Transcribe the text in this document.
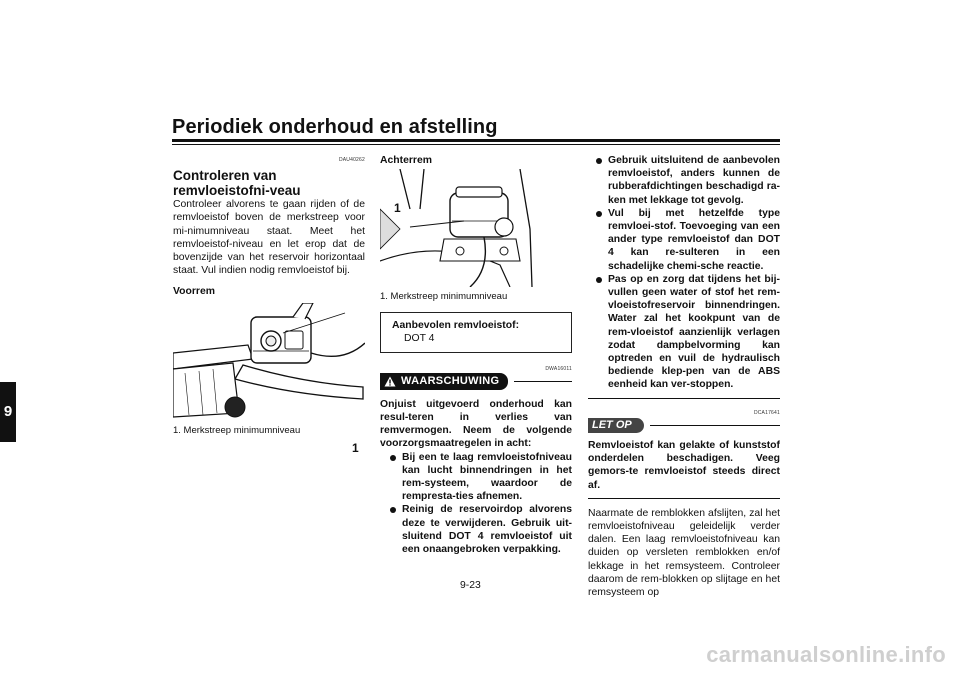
Periodiek onderhoud en afstelling
9
DAU40262
Controleren van remvloeistofni-veau

Controleer alvorens te gaan rijden of de remvloeistof boven de merkstreep voor mi-nimumniveau staat. Meet het remvloeistof-niveau en let erop dat de bovenzijde van het reservoir horizontaal staat. Vul indien nodig remvloeistof bij.

Voorrem
1
1. Merkstreep minimumniveau
Achterrem
1
1. Merkstreep minimumniveau
Aanbevolen remvloeistof:
DOT 4
DWA16011
WAARSCHUWING

Onjuist uitgevoerd onderhoud kan resul-teren in verlies van remvermogen. Neem de volgende voorzorgsmaatregelen in acht:

Bij een te laag remvloeistofniveau kan lucht binnendringen in het rem-systeem, waardoor de rempresta-ties afnemen.
Reinig de reservoirdop alvorens deze te verwijderen. Gebruik uit-sluitend DOT 4 remvloeistof uit een onaangebroken verpakking.
Gebruik uitsluitend de aanbevolen remvloeistof, anders kunnen de rubberafdichtingen beschadigd ra-ken met lekkage tot gevolg.
Vul bij met hetzelfde type remvloei-stof. Toevoeging van een ander type remvloeistof dan DOT 4 kan re-sulteren in een schadelijke chemi-sche reactie.
Pas op en zorg dat tijdens het bij-vullen geen water of stof het rem-vloeistofreservoir binnendringen. Water zal het kookpunt van de rem-vloeistof aanzienlijk verlagen zodat dampbelvorming kan optreden en vuil de hydraulisch bediende klep-pen van de ABS eenheid kan ver-stoppen.
DCA17641
LET OP

Remvloeistof kan gelakte of kunststof onderdelen beschadigen. Veeg gemors-te remvloeistof steeds direct af.

Naarmate de remblokken afslijten, zal het remvloeistofniveau geleidelijk verder dalen. Een laag remvloeistofniveau kan duiden op versleten remblokken en/of lekkage in het remsysteem. Controleer daarom de rem-blokken op slijtage en het remsysteem op

9-23
carmanualsonline.info
